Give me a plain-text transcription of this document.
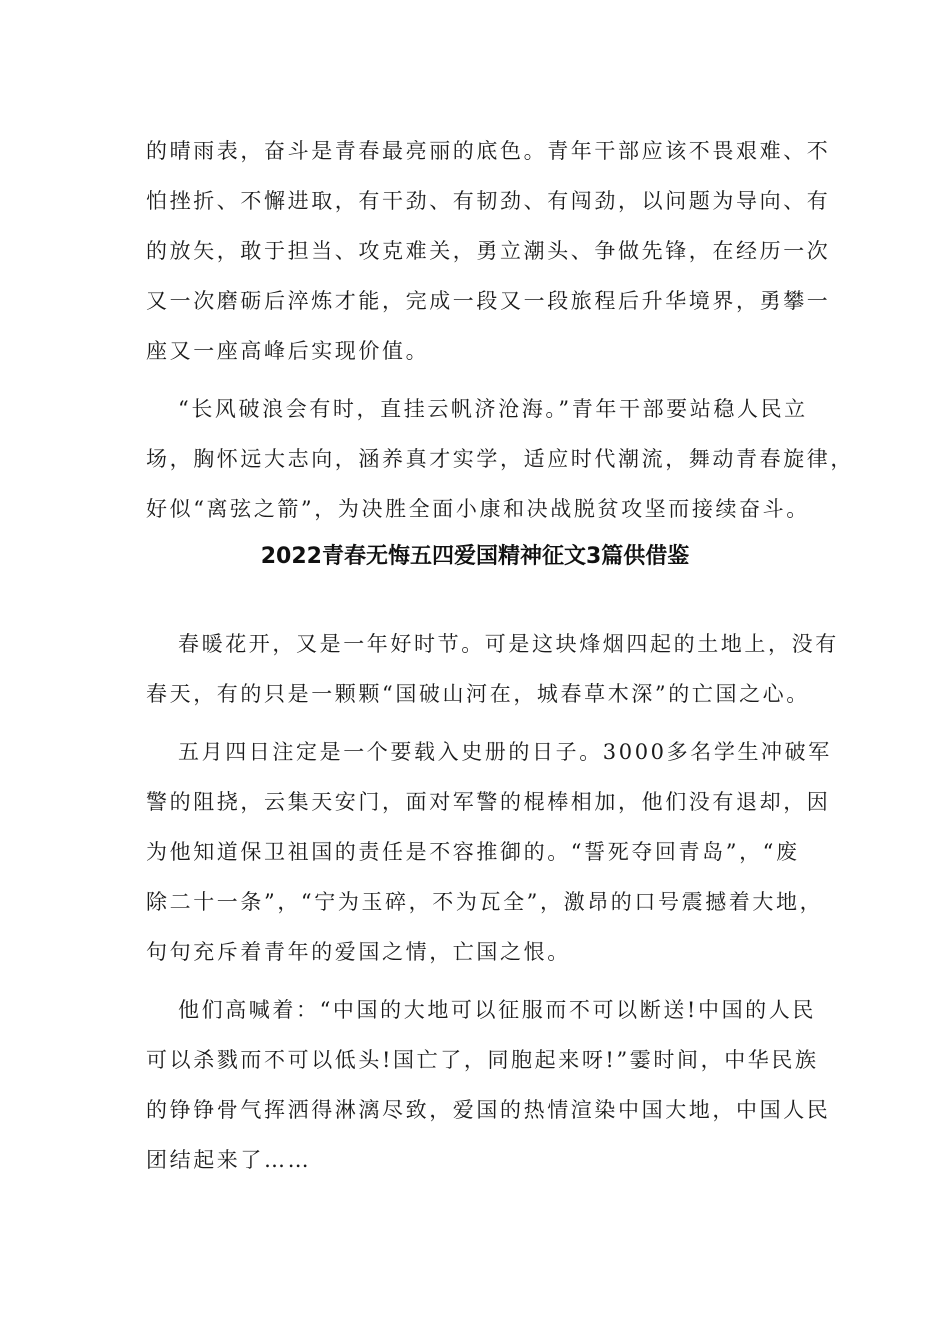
的晴雨表，奋斗是青春最亮丽的底色。青年干部应该不畏艰难、不
怕挫折、不懈进取，有干劲、有韧劲、有闯劲，以问题为导向、有
的放矢，敢于担当、攻克难关，勇立潮头、争做先锋，在经历一次
又一次磨砺后淬炼才能，完成一段又一段旅程后升华境界，勇攀一
座又一座高峰后实现价值。
“长风破浪会有时，直挂云帆济沧海。”青年干部要站稳人民立
场，胸怀远大志向，涵养真才实学，适应时代潮流，舞动青春旋律，
好似“离弦之箭”，为决胜全面小康和决战脱贫攻坚而接续奋斗。
2022青春无悔五四爱国精神征文3篇供借鉴
春暖花开，又是一年好时节。可是这块烽烟四起的土地上，没有
春天，有的只是一颗颗“国破山河在，城春草木深”的亡国之心。
五月四日注定是一个要载入史册的日子。3000多名学生冲破军
警的阻挠，云集天安门，面对军警的棍棒相加，他们没有退却，因
为他知道保卫祖国的责任是不容推御的。“誓死夺回青岛”，“废
除二十一条”，“宁为玉碎，不为瓦全”，激昂的口号震撼着大地，
句句充斥着青年的爱国之情，亡国之恨。
他们高喊着：“中国的大地可以征服而不可以断送!中国的人民
可以杀戮而不可以低头!国亡了，同胞起来呀!”霎时间，中华民族
的铮铮骨气挥洒得淋漓尽致，爱国的热情渲染中国大地，中国人民
团结起来了……
